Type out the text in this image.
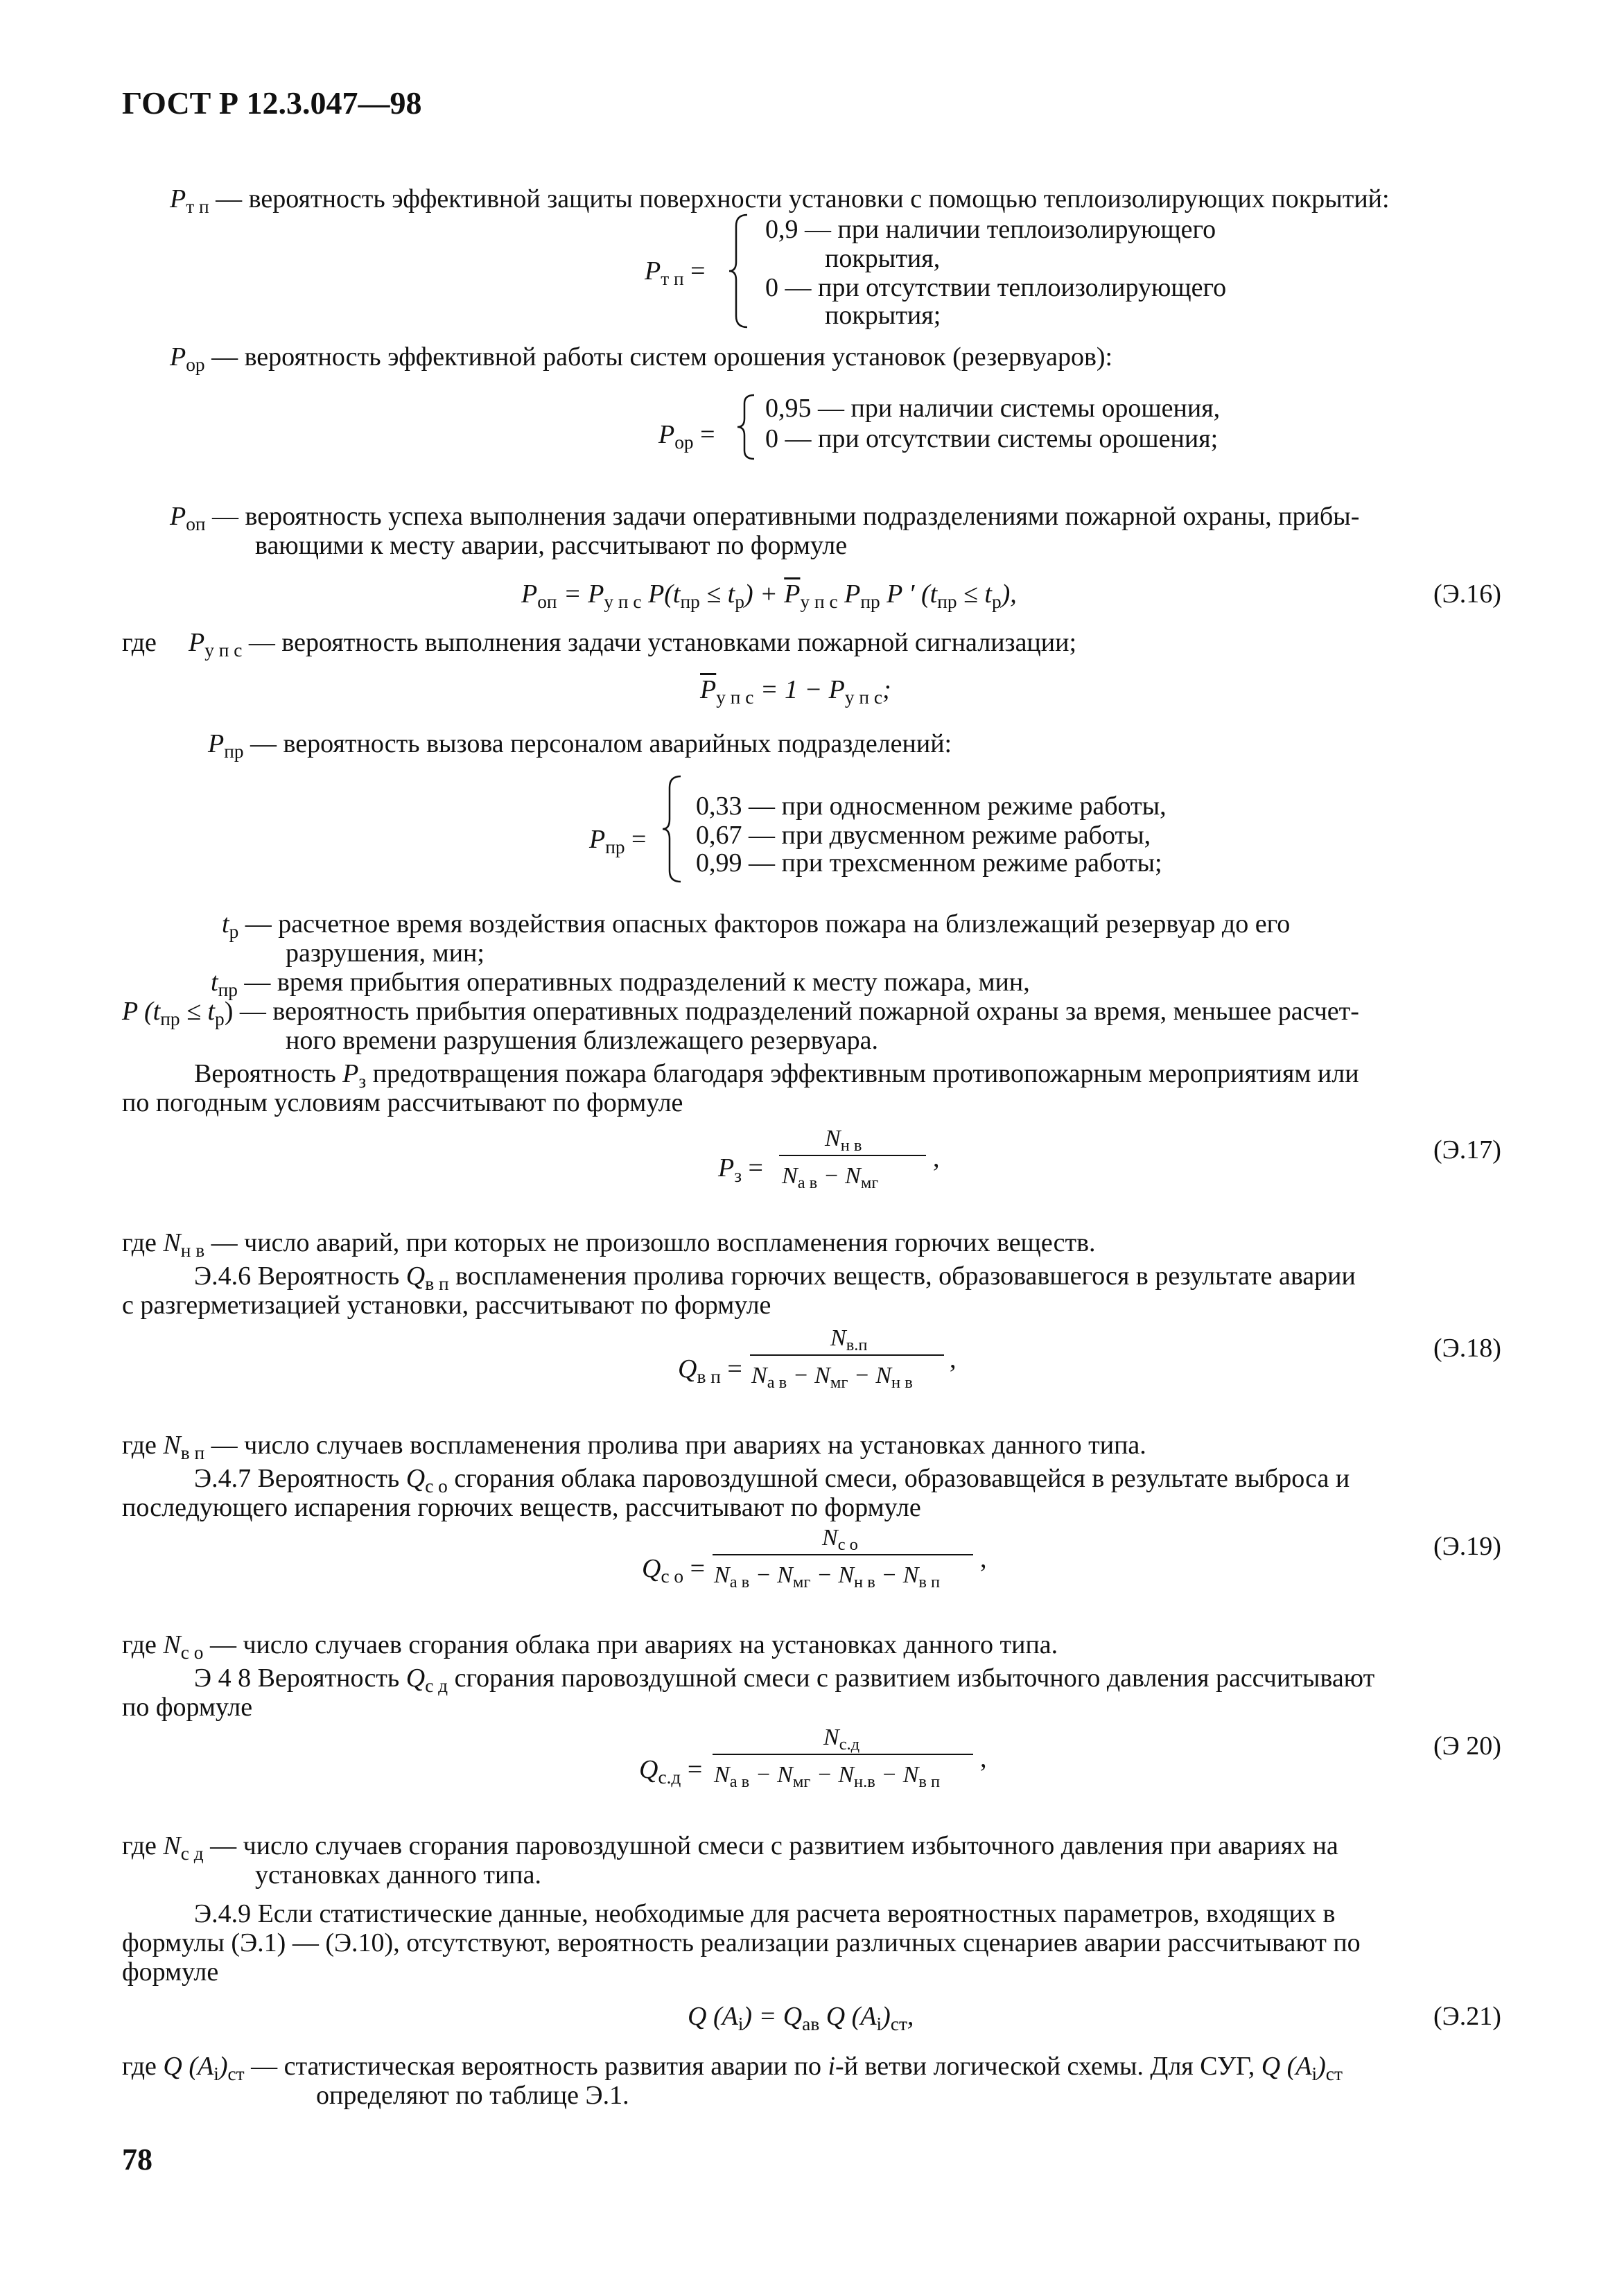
ГОСТ Р 12.3.047—98
$P_{т п}$ — вероятность эффективной защиты поверхности установки с помощью теплоизолирующих покрытий:
$P_{т п}$ =
0,9 — при наличии теплоизолирующего
покрытия,
0 — при отсутствии теплоизолирующего
покрытия;
$P_{ор}$ — вероятность эффективной работы систем орошения установок (резервуаров):
$P_{ор}$ =
0,95 — при наличии системы орошения,
0 — при отсутствии системы орошения;
$P_{оп}$ — вероятность успеха выполнения задачи оперативными подразделениями пожарной охраны, прибы-
вающими к месту аварии, рассчитывают по формуле
$P_{оп} = P_{у п с}$ $P(t_{пр} \le t_р) + \overline{P}_{у п с}$ $P_{пр}$ P ′ $(t_{пр} \le t_р)$,	(Э.16)
где $P_{у п с}$ — вероятность выполнения задачи установками пожарной сигнализации;
$\overline{P}_{у п с} = 1 - P_{у п с}$;
$P_{пр}$ — вероятность вызова персоналом аварийных подразделений:
$P_{пр}$ =
0,33 — при односменном режиме работы,
0,67 — при двусменном режиме работы,
0,99 — при трехсменном режиме работы;
$t_р$ — расчетное время воздействия опасных факторов пожара на близлежащий резервуар до его
разрушения, мин;
$t_{пр}$ — время прибытия оперативных подразделений к месту пожара, мин,
P $(t_{пр} \le t_р)$ — вероятность прибытия оперативных подразделений пожарной охраны за время, меньшее расчет-
ного времени разрушения близлежащего резервуара.
Вероятность $P_з$ предотвращения пожара благодаря эффективным противопожарным мероприятиям или
по погодным условиям рассчитывают по формуле
$P_з$ =
$N_{н в}$
$N_{а в} - N_{мг}$
,	(Э.17)
где $N_{н в}$ — число аварий, при которых не произошло воспламенения горючих веществ.
Э.4.6 Вероятность $Q_{в п}$ воспламенения пролива горючих веществ, образовавшегося в результате аварии
с разгерметизацией установки, рассчитывают по формуле
$Q_{в п}$ =
$N_{в.п}$
$N_{а в} - N_{мг} - N_{н в}$
,	(Э.18)
где $N_{в п}$ — число случаев воспламенения пролива при авариях на установках данного типа.
Э.4.7 Вероятность $Q_{с о}$ сгорания облака паровоздушной смеси, образовавщейся в результате выброса и
последующего испарения горючих веществ, рассчитывают по формуле
$Q_{с о}$ =
$N_{с о}$
$N_{а в} - N_{мг} - N_{н в} - N_{в п}$
,	(Э.19)
где $N_{с о}$ — число случаев сгорания облака при авариях на установках данного типа.
Э 4 8 Вероятность $Q_{с д}$ сгорания паровоздушной смеси с развитием избыточного давления рассчитывают
по формуле
$Q_{с.д}$ =
$N_{с.д}$
$N_{а в} - N_{мг} - N_{н.в} - N_{в п}$
,	(Э 20)
где $N_{с д}$ — число случаев сгорания паровоздушной смеси с развитием избыточного давления при авариях на
установках данного типа.
Э.4.9 Если статистические данные, необходимые для расчета вероятностных параметров, входящих в
формулы (Э.1) — (Э.10), отсутствуют, вероятность реализации различных сценариев аварии рассчитывают по
формуле
Q $(A_i) = Q_{ав}$ Q $(A_i)_{ст}$,	(Э.21)
где Q $(A_i)_{ст}$ — статистическая вероятность развития аварии по i-й ветви логической схемы. Для СУГ, Q $(A_i)_{ст}$
определяют по таблице Э.1.
78
